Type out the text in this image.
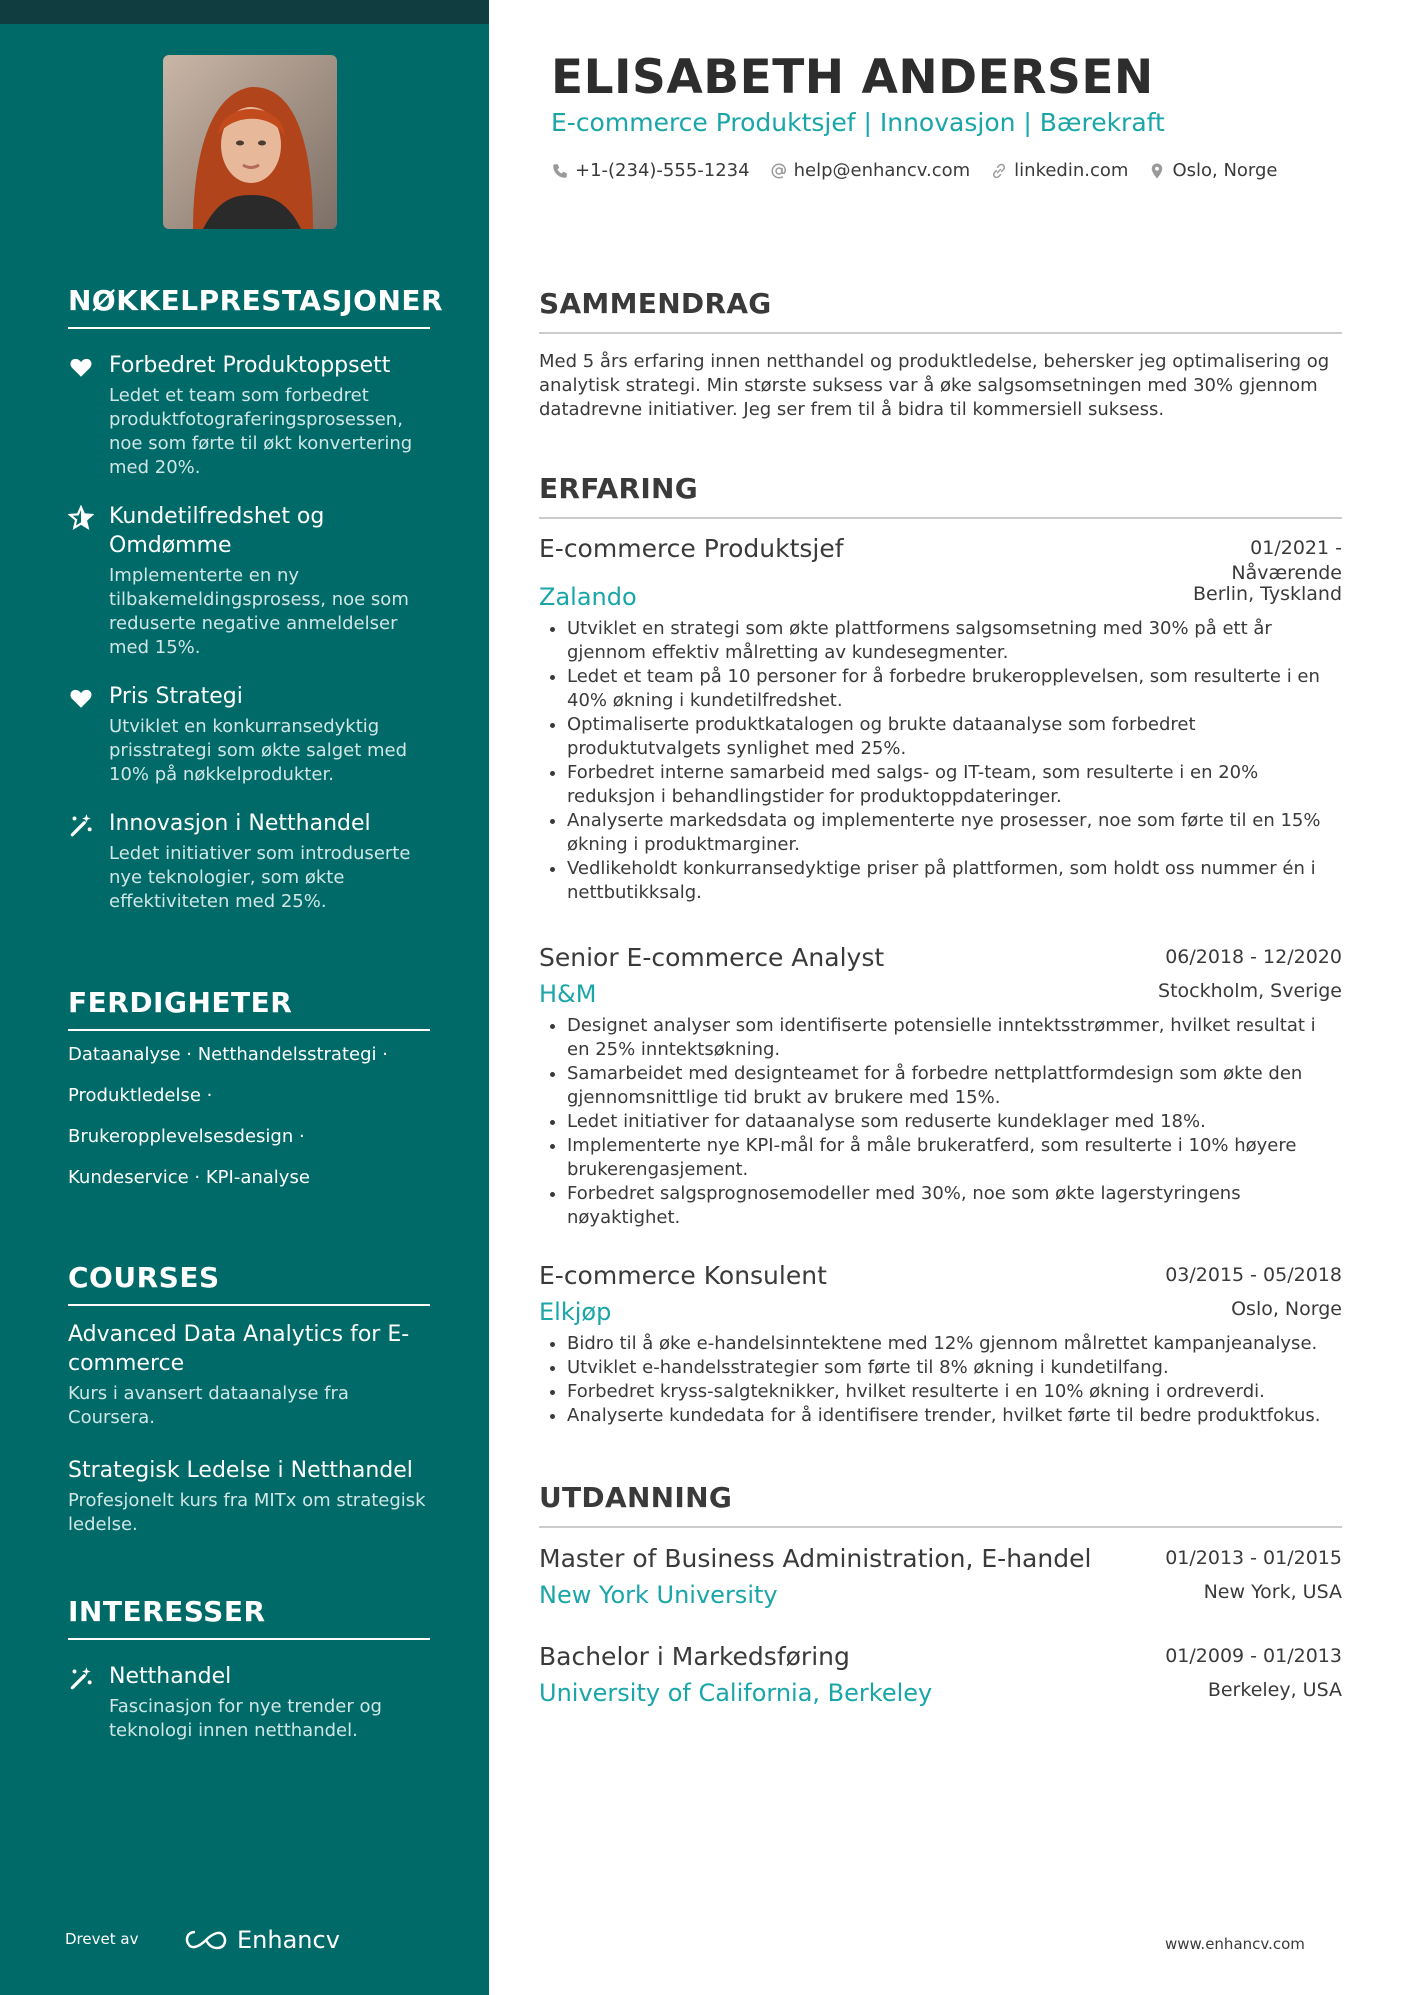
NØKKELPRESTASJONER
Forbedret Produktoppsett
Ledet et team som forbedret produktfotograferingsprosessen, noe som førte til økt konvertering med 20%.
Kundetilfredshet og Omdømme
Implementerte en ny tilbakemeldingsprosess, noe som reduserte negative anmeldelser med 15%.
Pris Strategi
Utviklet en konkurransedyktig prisstrategi som økte salget med 10% på nøkkelprodukter.
Innovasjon i Netthandel
Ledet initiativer som introduserte nye teknologier, som økte effektiviteten med 25%.
FERDIGHETER
Dataanalyse · Netthandelsstrategi ·
Produktledelse ·
Brukeropplevelsesdesign ·
Kundeservice · KPI-analyse
COURSES
Advanced Data Analytics for E-commerce
Kurs i avansert dataanalyse fra Coursera.
Strategisk Ledelse i Netthandel
Profesjonelt kurs fra MITx om strategisk ledelse.
INTERESSER
Netthandel
Fascinasjon for nye trender og teknologi innen netthandel.
Drevet av	Enhancv
ELISABETH ANDERSEN
E-commerce Produktsjef | Innovasjon | Bærekraft
+1-(234)-555-1234 help@enhancv.com linkedin.com Oslo, Norge
SAMMENDRAG
Med 5 års erfaring innen netthandel og produktledelse, behersker jeg optimalisering og analytisk strategi. Min største suksess var å øke salgsomsetningen med 30% gjennom datadrevne initiativer. Jeg ser frem til å bidra til kommersiell suksess.
ERFARING
E-commerce Produktsjef	01/2021 -
Nåværende
Zalando	Berlin, Tyskland
• Utviklet en strategi som økte plattformens salgsomsetning med 30% på ett år gjennom effektiv målretting av kundesegmenter.
• Ledet et team på 10 personer for å forbedre brukeropplevelsen, som resulterte i en 40% økning i kundetilfredshet.
• Optimaliserte produktkatalogen og brukte dataanalyse som forbedret produktutvalgets synlighet med 25%.
• Forbedret interne samarbeid med salgs- og IT-team, som resulterte i en 20% reduksjon i behandlingstider for produktoppdateringer.
• Analyserte markedsdata og implementerte nye prosesser, noe som førte til en 15% økning i produktmarginer.
• Vedlikeholdt konkurransedyktige priser på plattformen, som holdt oss nummer én i nettbutikksalg.
Senior E-commerce Analyst	06/2018 - 12/2020
H&M	Stockholm, Sverige
• Designet analyser som identifiserte potensielle inntektsstrømmer, hvilket resultat i en 25% inntektsøkning.
• Samarbeidet med designteamet for å forbedre nettplattformdesign som økte den gjennomsnittlige tid brukt av brukere med 15%.
• Ledet initiativer for dataanalyse som reduserte kundeklager med 18%.
• Implementerte nye KPI-mål for å måle brukeratferd, som resulterte i 10% høyere brukerengasjement.
• Forbedret salgsprognosemodeller med 30%, noe som økte lagerstyringens nøyaktighet.
E-commerce Konsulent	03/2015 - 05/2018
Elkjøp	Oslo, Norge
• Bidro til å øke e-handelsinntektene med 12% gjennom målrettet kampanjeanalyse.
• Utviklet e-handelsstrategier som førte til 8% økning i kundetilfang.
• Forbedret kryss-salgteknikker, hvilket resulterte i en 10% økning i ordreverdi.
• Analyserte kundedata for å identifisere trender, hvilket førte til bedre produktfokus.
UTDANNING
Master of Business Administration, E-handel	01/2013 - 01/2015
New York University	New York, USA
Bachelor i Markedsføring	01/2009 - 01/2013
University of California, Berkeley	Berkeley, USA
www.enhancv.com
